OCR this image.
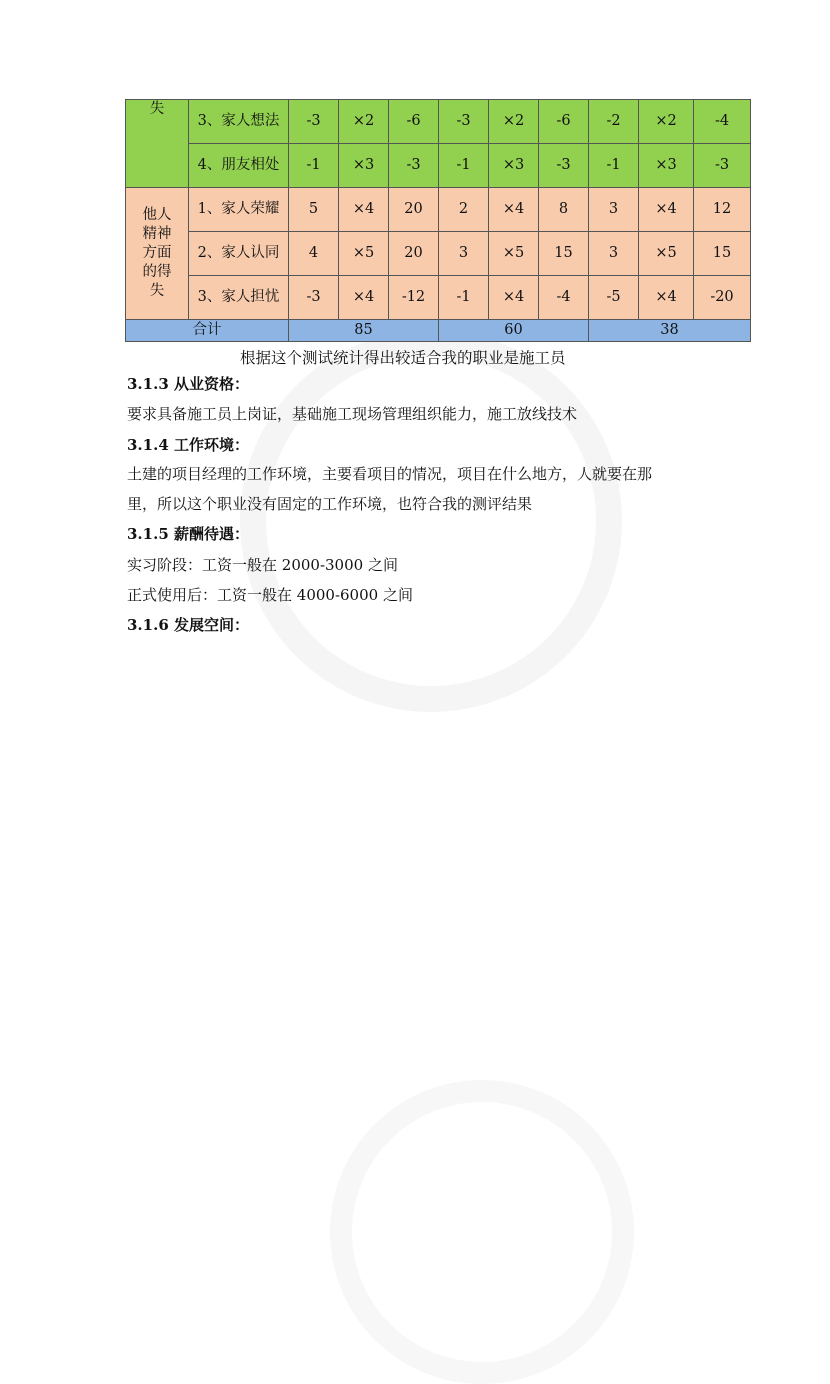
失	3、家人想法	-3	×2	-6	-3	×2	-6	-2	×2	-4
	4、朋友相处	-1	×3	-3	-1	×3	-3	-1	×3	-3
他人精神方面的得失	1、家人荣耀	5	×4	20	2	×4	8	3	×4	12
	2、家人认同	4	×5	20	3	×5	15	3	×5	15
	3、家人担忧	-3	×4	-12	-1	×4	-4	-5	×4	-20
合计		85			60			38		
根据这个测试统计得出较适合我的职业是施工员
3.1.3 从业资格：
要求具备施工员上岗证，基础施工现场管理组织能力，施工放线技术
3.1.4 工作环境：
土建的项目经理的工作环境，主要看项目的情况，项目在什么地方，人就要在那
里，所以这个职业没有固定的工作环境，也符合我的测评结果
3.1.5 薪酬待遇：
实习阶段：工资一般在 2000-3000 之间
正式使用后：工资一般在 4000-6000 之间
3.1.6 发展空间：
